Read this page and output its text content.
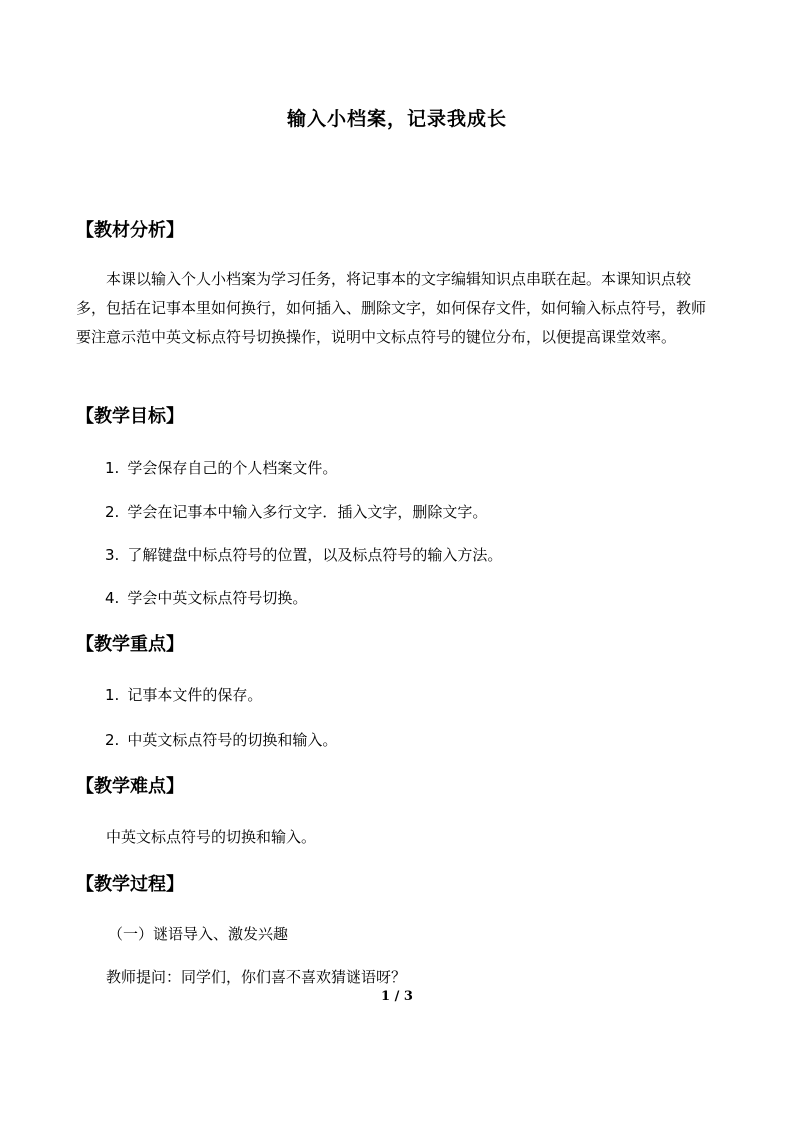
输入小档案，记录我成长
【教材分析】

本课以输入个人小档案为学习任务，将记事本的文字编辑知识点串联在起。本课知识点较多，包括在记事本里如何换行，如何插入、删除文字，如何保存文件，如何输入标点符号，教师要注意示范中英文标点符号切换操作，说明中文标点符号的键位分布，以便提高课堂效率。

【教学目标】
1. 学会保存自己的个人档案文件。
2. 学会在记事本中输入多行文字．插入文字，删除文字。
3. 了解键盘中标点符号的位置，以及标点符号的输入方法。
4. 学会中英文标点符号切换。
【教学重点】
1. 记事本文件的保存。
2. 中英文标点符号的切换和输入。
【教学难点】
中英文标点符号的切换和输入。
【教学过程】
（一）谜语导入、激发兴趣
教师提问：同学们，你们喜不喜欢猜谜语呀？
1 / 3
